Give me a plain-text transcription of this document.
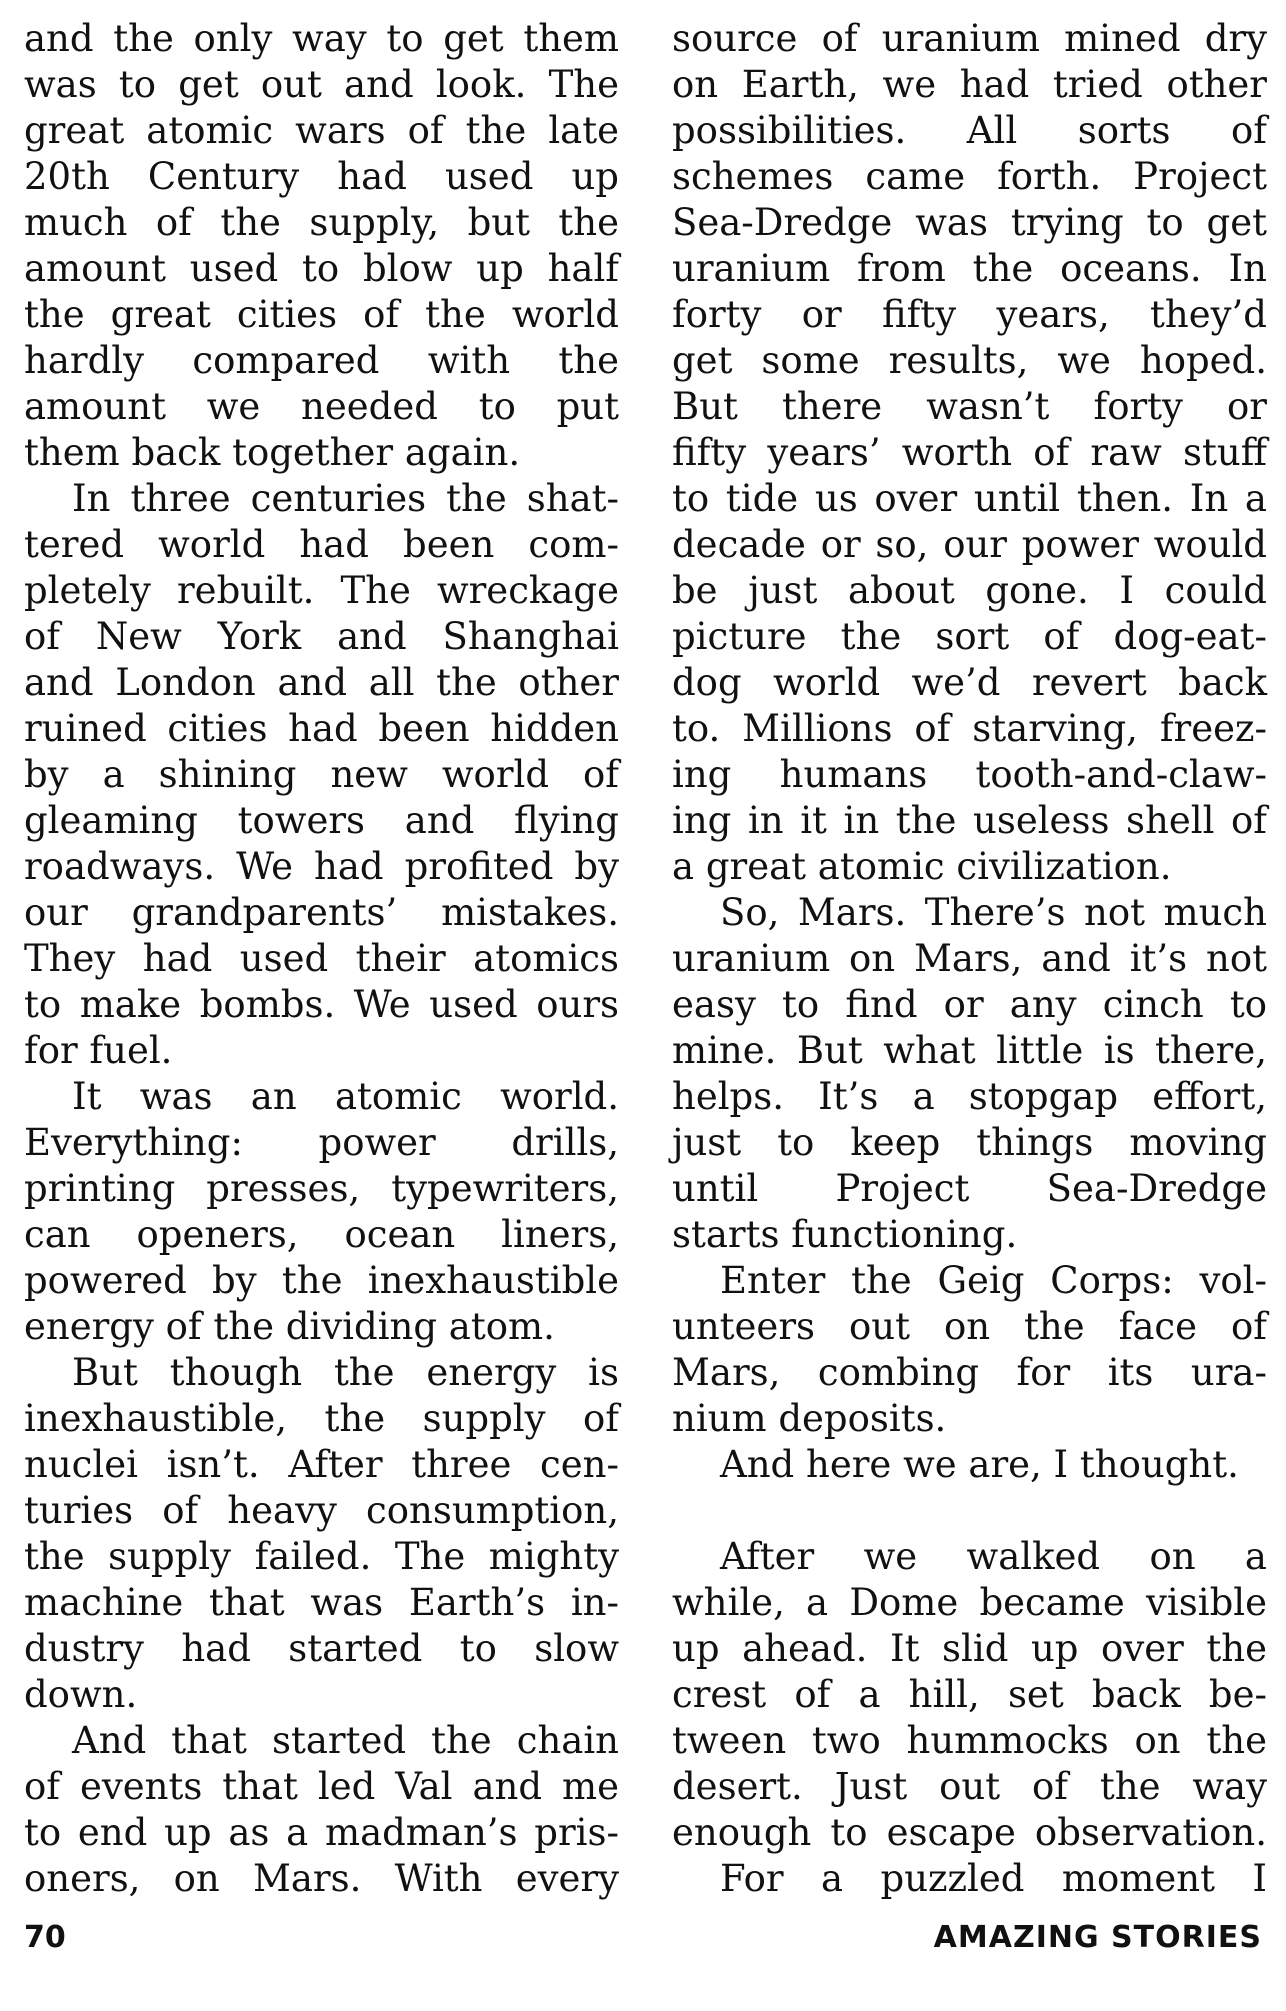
and the only way to get them
was to get out and look. The
great atomic wars of the late
20th Century had used up
much of the supply, but the
amount used to blow up half
the great cities of the world
hardly compared with the
amount we needed to put
them back together again.
In three centuries the shat-
tered world had been com-
pletely rebuilt. The wreckage
of New York and Shanghai
and London and all the other
ruined cities had been hidden
by a shining new world of
gleaming towers and flying
roadways. We had profited by
our grandparents’ mistakes.
They had used their atomics
to make bombs. We used ours
for fuel.
It was an atomic world.
Everything: power drills,
printing presses, typewriters,
can openers, ocean liners,
powered by the inexhaustible
energy of the dividing atom.
But though the energy is
inexhaustible, the supply of
nuclei isn’t. After three cen-
turies of heavy consumption,
the supply failed. The mighty
machine that was Earth’s in-
dustry had started to slow
down.
And that started the chain
of events that led Val and me
to end up as a madman’s pris-
oners, on Mars. With every
source of uranium mined dry
on Earth, we had tried other
possibilities. All sorts of
schemes came forth. Project
Sea-Dredge was trying to get
uranium from the oceans. In
forty or fifty years, they’d
get some results, we hoped.
But there wasn’t forty or
fifty years’ worth of raw stuff
to tide us over until then. In a
decade or so, our power would
be just about gone. I could
picture the sort of dog-eat-
dog world we’d revert back
to. Millions of starving, freez-
ing humans tooth-and-claw-
ing in it in the useless shell of
a great atomic civilization.
So, Mars. There’s not much
uranium on Mars, and it’s not
easy to find or any cinch to
mine. But what little is there,
helps. It’s a stopgap effort,
just to keep things moving
until Project Sea-Dredge
starts functioning.
Enter the Geig Corps: vol-
unteers out on the face of
Mars, combing for its ura-
nium deposits.
And here we are, I thought.
After we walked on a
while, a Dome became visible
up ahead. It slid up over the
crest of a hill, set back be-
tween two hummocks on the
desert. Just out of the way
enough to escape observation.
For a puzzled moment I
70	AMAZING STORIES
